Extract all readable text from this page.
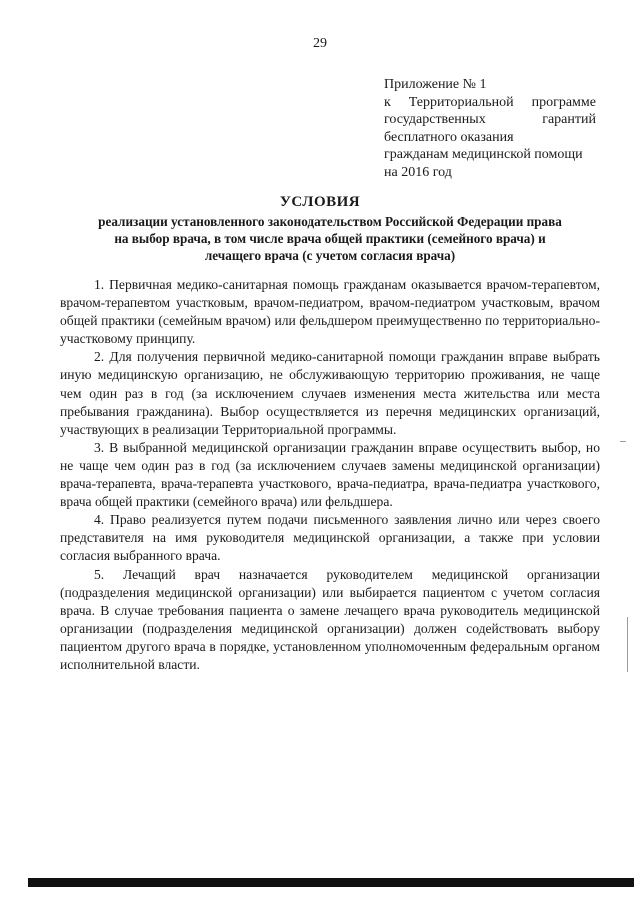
29
Приложение № 1
к Территориальной программе
государственных гарантий
бесплатного оказания
гражданам медицинской помощи
на 2016 год
УСЛОВИЯ
реализации установленного законодательством Российской Федерации права
на выбор врача, в том числе врача общей практики (семейного врача) и
лечащего врача (с учетом согласия врача)

1. Первичная медико-санитарная помощь гражданам оказывается врачом-терапевтом, врачом-терапевтом участковым, врачом-педиатром, врачом-педиатром участковым, врачом общей практики (семейным врачом) или фельдшером преимущественно по территориально-участковому принципу.

2. Для получения первичной медико-санитарной помощи гражданин вправе выбрать иную медицинскую организацию, не обслуживающую территорию проживания, не чаще чем один раз в год (за исключением случаев изменения места жительства или места пребывания гражданина). Выбор осуществляется из перечня медицинских организаций, участвующих в реализации Территориальной программы.

3. В выбранной медицинской организации гражданин вправе осуществить выбор, но не чаще чем один раз в год (за исключением случаев замены медицинской организации) врача-терапевта, врача-терапевта участкового, врача-педиатра, врача-педиатра участкового, врача общей практики (семейного врача) или фельдшера.

4. Право реализуется путем подачи письменного заявления лично или через своего представителя на имя руководителя медицинской организации, а также при условии согласия выбранного врача.

5. Лечащий врач назначается руководителем медицинской организации (подразделения медицинской организации) или выбирается пациентом с учетом согласия врача. В случае требования пациента о замене лечащего врача руководитель медицинской организации (подразделения медицинской организации) должен содействовать выбору пациентом другого врача в порядке, установленном уполномоченным федеральным органом исполнительной власти.
